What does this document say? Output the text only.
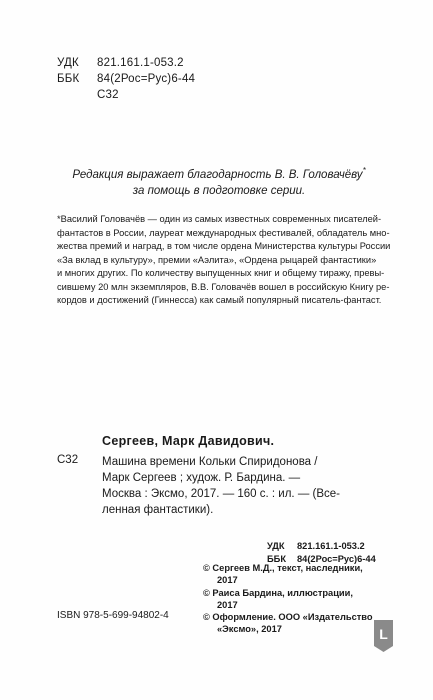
УДК 821.161.1-053.2
ББК 84(2Рос=Рус)6-44
С32
Редакция выражает благодарность В. В. Головачёву*
за помощь в подготовке серии.
*Василий Головачёв — один из самых известных современных писателей-
фантастов в России, лауреат международных фестивалей, обладатель мно-
жества премий и наград, в том числе ордена Министерства культуры России
«За вклад в культуру», премии «Аэлита», «Ордена рыцарей фантастики»
и многих других. По количеству выпущенных книг и общему тиражу, превы-
сившему 20 млн экземпляров, В.В. Головачёв вошел в российскую Книгу ре-
кордов и достижений (Гиннесса) как самый популярный писатель-фантаст.
Сергеев, Марк Давидович.
С32 Машина времени Кольки Спиридонова /
Марк Сергеев ; худож. Р. Бардина. —
Москва : Эксмо, 2017. — 160 с. : ил. — (Все-
ленная фантастики).
УДК 821.161.1-053.2
ББК 84(2Рос=Рус)6-44
© Сергеев М.Д., текст, наследники,
2017
© Раиса Бардина, иллюстрации,
2017
© Оформление. ООО «Издательство
«Эксмо», 2017
ISBN 978-5-699-94802-4
L
